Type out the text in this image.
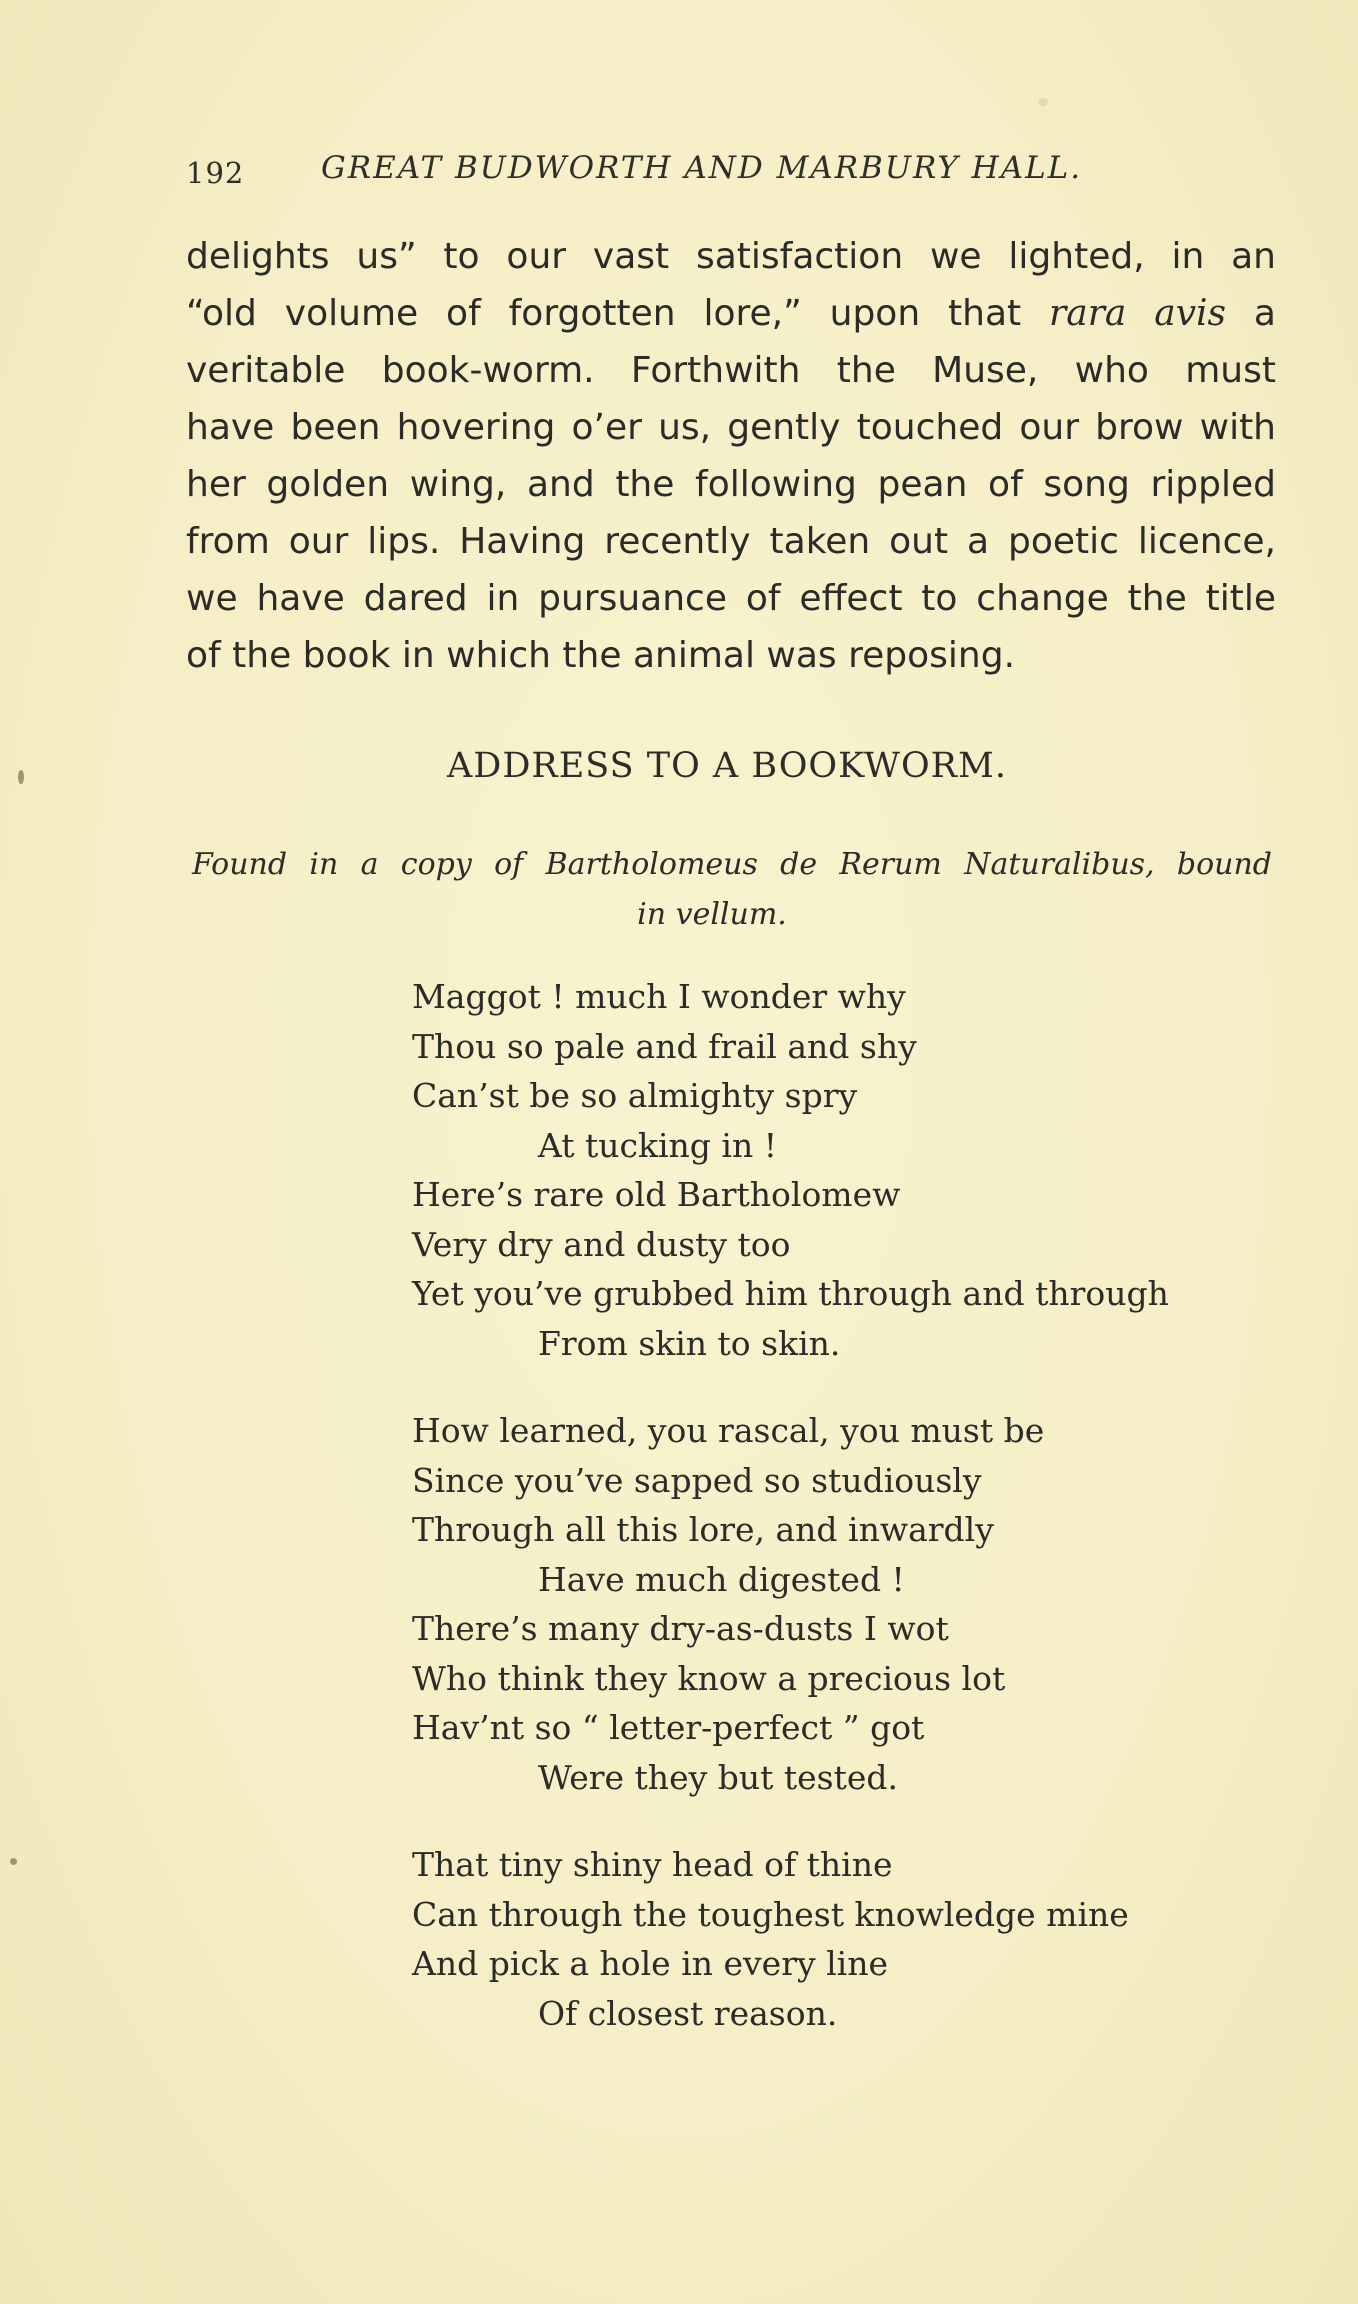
192 GREAT BUDWORTH AND MARBURY HALL.
delights us” to our vast satisfaction we lighted, in an
“old volume of forgotten lore,” upon that rara avis a
veritable book-worm. Forthwith the Muse, who must
have been hovering o’er us, gently touched our brow with
her golden wing, and the following pean of song rippled
from our lips. Having recently taken out a poetic licence,
we have dared in pursuance of effect to change the title
of the book in which the animal was reposing.
ADDRESS TO A BOOKWORM.
Found in a copy of Bartholomeus de Rerum Naturalibus, bound
in vellum.
Maggot ! much I wonder why
Thou so pale and frail and shy
Can’st be so almighty spry
At tucking in !
Here’s rare old Bartholomew
Very dry and dusty too
Yet you’ve grubbed him through and through
From skin to skin.
How learned, you rascal, you must be
Since you’ve sapped so studiously
Through all this lore, and inwardly
Have much digested !
There’s many dry-as-dusts I wot
Who think they know a precious lot
Hav’nt so “ letter-perfect ” got
Were they but tested.
That tiny shiny head of thine
Can through the toughest knowledge mine
And pick a hole in every line
Of closest reason.
